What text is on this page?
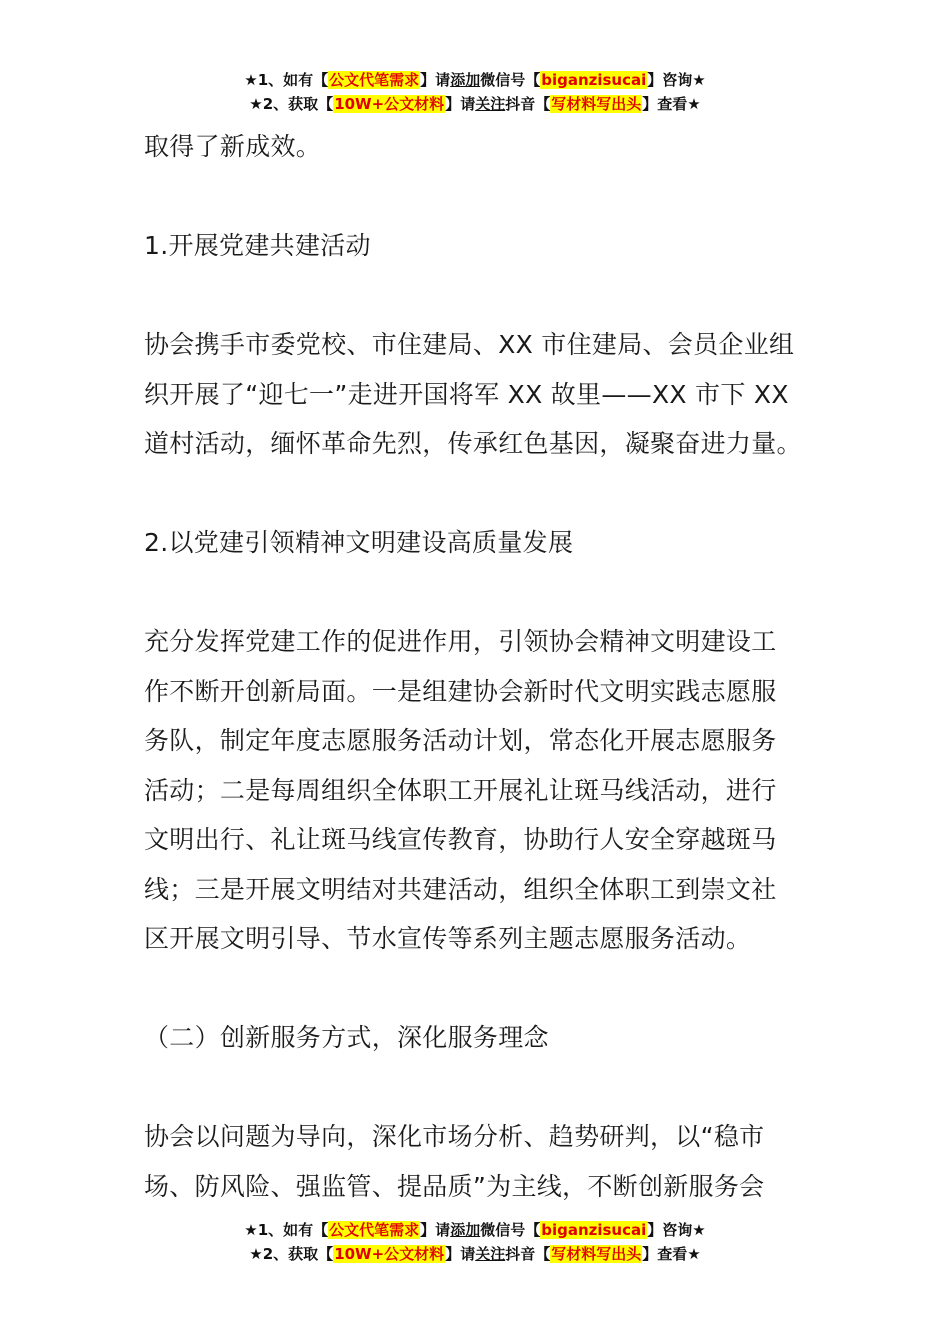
★1、如有【公文代笔需求】请添加微信号【biganzisucai】咨询★
★2、获取【10W+公文材料】请关注抖音【写材料写出头】查看★

取得了新成效。

1.开展党建共建活动

协会携手市委党校、市住建局、XX 市住建局、会员企业组

织开展了“迎七一”走进开国将军 XX 故里——XX 市下 XX

道村活动，缅怀革命先烈，传承红色基因，凝聚奋进力量。

2.以党建引领精神文明建设高质量发展

充分发挥党建工作的促进作用，引领协会精神文明建设工

作不断开创新局面。一是组建协会新时代文明实践志愿服

务队，制定年度志愿服务活动计划，常态化开展志愿服务

活动；二是每周组织全体职工开展礼让斑马线活动，进行

文明出行、礼让斑马线宣传教育，协助行人安全穿越斑马

线；三是开展文明结对共建活动，组织全体职工到崇文社

区开展文明引导、节水宣传等系列主题志愿服务活动。

（二）创新服务方式，深化服务理念

协会以问题为导向，深化市场分析、趋势研判，以“稳市

场、防风险、强监管、提品质”为主线，不断创新服务会

★1、如有【公文代笔需求】请添加微信号【biganzisucai】咨询★
★2、获取【10W+公文材料】请关注抖音【写材料写出头】查看★
